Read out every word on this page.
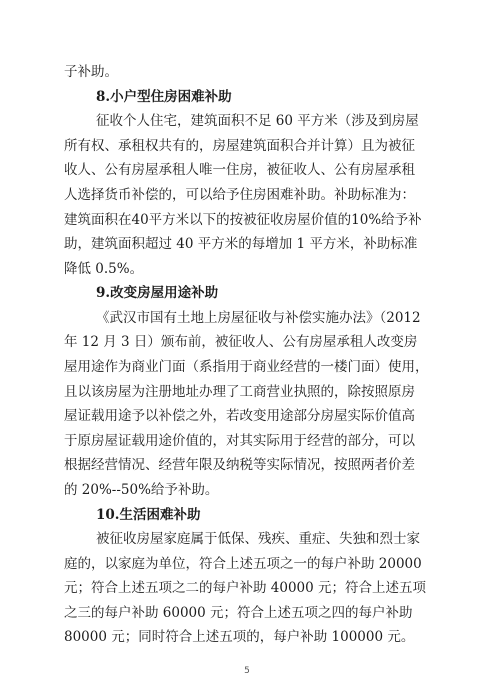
子补助。
8.小户型住房困难补助
征收个人住宅，建筑面积不足 60 平方米（涉及到房屋
所有权、承租权共有的，房屋建筑面积合并计算）且为被征
收人、公有房屋承租人唯一住房，被征收人、公有房屋承租
人选择货币补偿的，可以给予住房困难补助。补助标准为：
建筑面积在40平方米以下的按被征收房屋价值的10%给予补
助，建筑面积超过 40 平方米的每增加 1 平方米，补助标准
降低 0.5%。
9.改变房屋用途补助
《武汉市国有土地上房屋征收与补偿实施办法》（2012
年 12 月 3 日）颁布前，被征收人、公有房屋承租人改变房
屋用途作为商业门面（系指用于商业经营的一楼门面）使用，
且以该房屋为注册地址办理了工商营业执照的，除按照原房
屋证载用途予以补偿之外，若改变用途部分房屋实际价值高
于原房屋证载用途价值的，对其实际用于经营的部分，可以
根据经营情况、经营年限及纳税等实际情况，按照两者价差
的 20%--50%给予补助。
10.生活困难补助
被征收房屋家庭属于低保、残疾、重症、失独和烈士家
庭的，以家庭为单位，符合上述五项之一的每户补助 20000
元；符合上述五项之二的每户补助 40000 元；符合上述五项
之三的每户补助 60000 元；符合上述五项之四的每户补助
80000 元；同时符合上述五项的，每户补助 100000 元。
5
